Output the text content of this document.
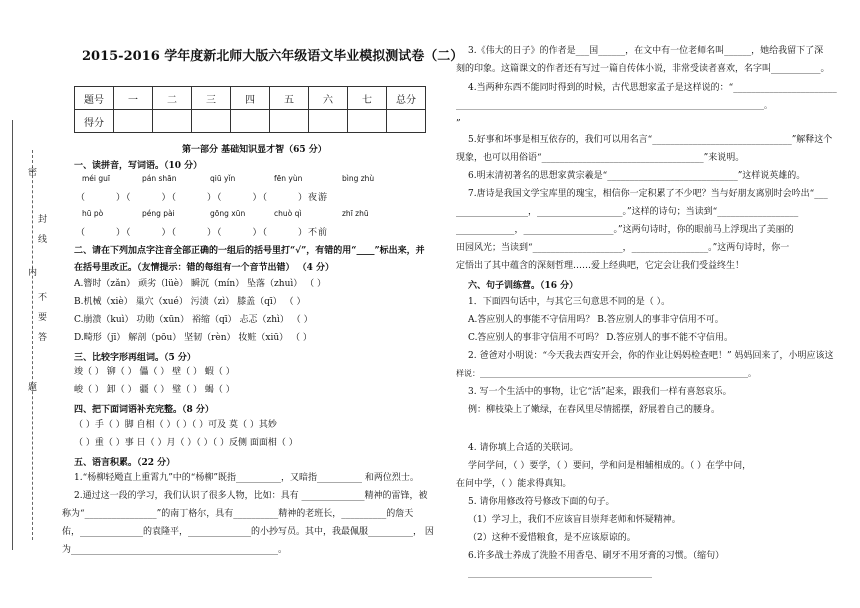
密
封
线
内
不
要
答
题
2015-2016 学年度新北师大版六年级语文毕业模拟测试卷（二）
题号	一	二	三	四	五	六	七	总分
得分								
第一部分 基础知识显才智（65 分）
一、读拼音，写词语。（10 分）
méi guī	pán shān	qiū yǐn	fēn yùn	bìng zhù
（　　　）（　　　）（　　　）（　　　）（　　　）夜游
hū pò	péng pài	gōng xūn	chuò qì	zhī zhū
（　　　）（　　　）（　　　）（　　　）（　　　）不前
二、请在下列加点字注音全部正确的一组后的括号里打“√”，有错的用“____”标出来，并
在括号里改正。（友情提示：错的每组有一个音节出错） （4 分）
A.簪时（zǎn） 顽劣（lüè） 瞬沉（mín） 坠落（zhuì） （ ）
B.机械（xiè） 巢穴（xué） 污渍（zì） 膝盖（qī） （ ）
C.崩溃（kuì） 功勋（xūn） 裕缩（qī） 忐忑（zhì） （ ）
D.畸形（jī） 解剖（pōu） 坚韧（rèn） 妆赃（xiū） （ ）
三、比较字形再组词。（5 分）
竣（ ） 铆（ ） 儡（ ） 壁（ ） 蝦（ ）
峻（ ） 卸（ ） 疆（ ） 璧（ ） 蝎（ ）
四、把下面词语补充完整。（8 分）
（ ）手（ ）脚 自相（ ）（ ）（ ）可及 莫（ ）其妙
（ ）重（ ）事 日（ ）月（ ）（ ）（ ）反侧 面面相（ ）
五、语言积累。（22 分）
1.“杨柳轻飏直上重霄九”中的“杨柳”既指__________，又暗指__________ 和两位烈士。
2.通过这一段的学习，我们认识了很多人物，比如：具有 ______________精神的雷锋，被
称为“________________”的南丁格尔，具有__________精神的老班长，__________的詹天
佑，______________的袁隆平，______________的小抄写员。其中，我最佩服__________， 因
为______________________________________________。
3.《伟大的日子》的作者是___国______，在文中有一位老师名叫______，她给我留下了深
刻的印象。这篇课文的作者还有写过一篇自传体小说，非常受读者喜欢，名字叫___________。
4.当两种东西不能同时得到的时候，古代思想家孟子是这样说的：“_______________________
_____________________________________________________________________________。
”
5.好事和坏事是相互依存的，我们可以用名言“_______________________________”解释这个
现象，也可以用俗语“____________________________________”来说明。
6.明末清初著名的思想家黄宗羲是“_____________________________”这样说英雄的。
7.唐诗是我国文学宝库里的瑰宝，相信你一定积累了不少吧？当与好朋友离别时会吟出“___
________________，___________________。”这样的诗句；当读到“__________________
_____________，____________________。”这两句诗时，你的眼前马上浮现出了美丽的
田园风光；当读到“____________________，_________________。”这两句诗时，你一
定悟出了其中蕴含的深刻哲理……爱上经典吧，它定会让我们受益终生！
六、句子训练营。（16 分）
1．下面四句话中，与其它三句意思不同的是（ ）。
A.答应别人的事能不守信用吗？ B.答应别人的事非守信用不可。
C.答应别人的事非守信用不可吗？ D.答应别人的事不能不守信用。
2. 爸爸对小明说：“今天我去西安开会，你的作业让妈妈检查吧！” 妈妈回来了，小明应该这
样说：___________________________________________________________________。
3. 写一个生活中的事物，让它“活”起来，跟我们一样有喜怒哀乐。
例：柳枝染上了嫩绿，在春风里尽情摇摆，舒展着自己的腰身。
4. 请你填上合适的关联词。
学问学问，（ ）要学，（ ）要问，学和问是相辅相成的。（ ）在学中问，
在问中学，（ ）能求得真知。
5. 请你用修改符号修改下面的句子。
（1）学习上，我们不应该盲目崇拜老师和怀疑精神。
（2）这种不爱惜粮食，是不应该原谅的。
6.许多战士养成了洗脸不用香皂、刷牙不用牙膏的习惯。（缩句）
______________________________________________
